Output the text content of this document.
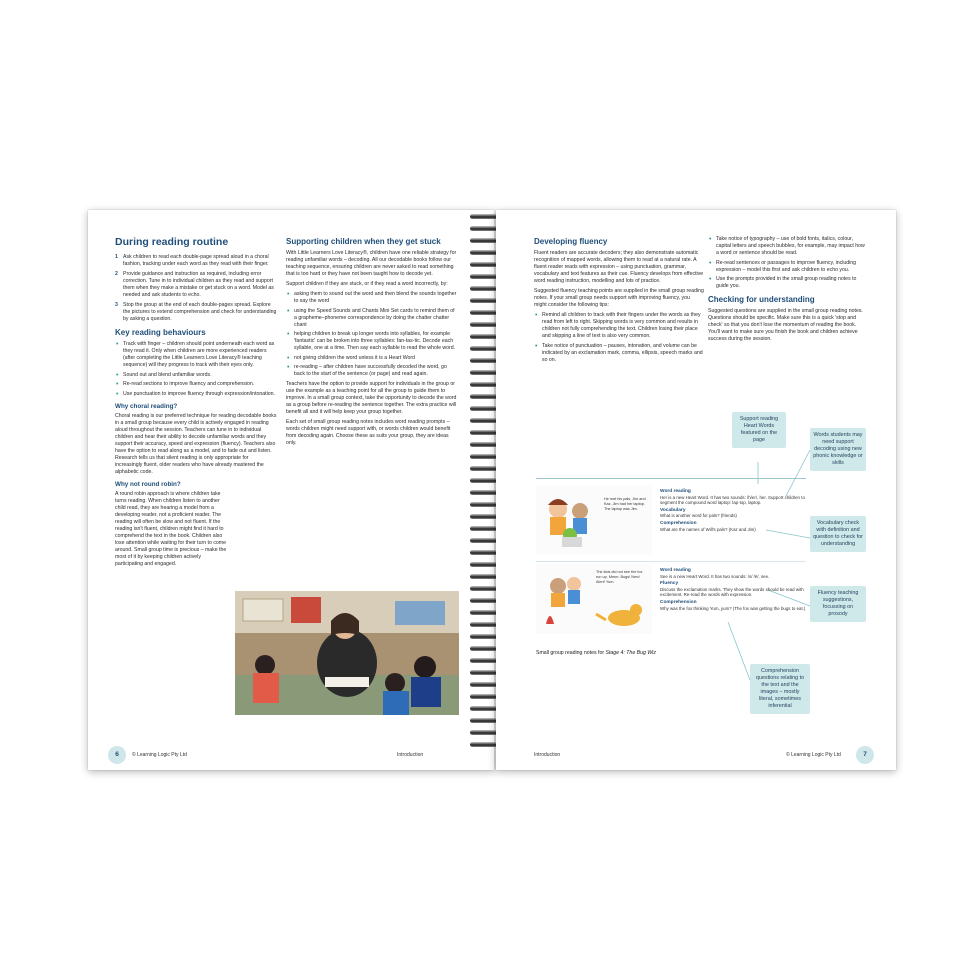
During reading routine
1 Ask children to read each double-page spread aloud in a choral fashion, tracking under each word as they read with their finger.
2 Provide guidance and instruction as required, including error correction. Tune in to individual children as they read and support them when they make a mistake or get stuck on a word. Model as needed and ask students to echo.
3 Stop the group at the end of each double-pages spread. Explore the pictures to extend comprehension and check for understanding by asking a question.
Key reading behaviours
• Track with finger – children should point underneath each word as they read it. Only when children are more experienced readers (after completing the Little Learners Love Literacy® teaching sequence) will they progress to track with their eyes only.
• Sound out and blend unfamiliar words.
• Re-read sections to improve fluency and comprehension.
• Use punctuation to improve fluency through expression/intonation.
Why choral reading?

Choral reading is our preferred technique for reading decodable books in a small group because every child is actively engaged in reading aloud throughout the session. Teachers can tune in to individual children and hear their ability to decode unfamiliar words and they support their accuracy, speed and expression (fluency). Teachers also have the option to read along as a model, and to fade out and listen. Research tells us that silent reading is only appropriate for increasingly fluent, older readers who have already mastered the alphabetic code.

Why not round robin?

A round robin approach is where children take turns reading. When children listen to another child read, they are hearing a model from a developing reader, not a proficient reader. The reading will often be slow and not fluent. If the reading isn't fluent, children might find it hard to comprehend the text in the book. Children also lose attention while waiting for their turn to come around. Small group time is precious – make the most of it by keeping children actively participating and engaged.

Supporting children when they get stuck

With Little Learners Love Literacy®, children have one reliable strategy for reading unfamiliar words – decoding. All our decodable books follow our teaching sequence, ensuring children are never asked to read something that is too hard or they have not been taught how to decode yet.

Support children if they are stuck, or if they read a word incorrectly, by:

• asking them to sound out the word and then blend the sounds together to say the word
• using the Speed Sounds and Chants Mini Set cards to remind them of a grapheme–phoneme correspondence by doing the chatter chatter chant
• helping children to break up longer words into syllables, for example 'fantastic' can be broken into three syllables: fan-tas-tic. Decode each syllable, one at a time. Then say each syllable to read the whole word.
• not giving children the word unless it is a Heart Word
• re-reading – after children have successfully decoded the word, go back to the start of the sentence (or page) and read again.

Teachers have the option to provide support for individuals in the group or use the example as a teaching point for all the group to guide them to improve. In a small group context, take the opportunity to decode the word as a group before re-reading the sentence together. The extra practice will benefit all and it will help keep your group together.

Each set of small group reading notes includes word reading prompts – words children might need support with, or words children would benefit from decoding again. Choose these as suits your group, they are ideas only.

6	© Learning Logic Pty Ltd	Introduction
Developing fluency

Fluent readers are accurate decoders; they also demonstrate automatic recognition of mapped words, allowing them to read at a natural rate. A fluent reader reads with expression – using punctuation, grammar, vocabulary and text features as their cue. Fluency develops from effective word reading instruction, modelling and lots of practice.

Suggested fluency teaching points are supplied in the small group reading notes. If your small group needs support with improving fluency, you might consider the following tips:

• Remind all children to track with their fingers under the words as they read from left to right. Skipping words is very common and results in children not fully comprehending the text. Children losing their place and skipping a line of text is also very common.
• Take notice of punctuation – pauses, intonation, and volume can be indicated by an exclamation mark, comma, ellipsis, speech marks and so on.
• Take notice of typography – use of bold fonts, italics, colour, capital letters and speech bubbles, for example, may impact how a word or sentence should be read.
• Re-read sentences or passages to improve fluency, including expression – model this first and ask children to echo you.
• Use the prompts provided in the small group reading notes to guide you.
Checking for understanding

Suggested questions are supplied in the small group reading notes. Questions should be specific. Make sure this is a quick 'stop and check' so that you don't lose the momentum of reading the book. You'll want to make sure you finish the book and children achieve success during the session.

Support reading Heart Words featured on the page
Words students may need support decoding using new phonic knowledge or skills
Vocabulary check with definition and question to check for understanding
Fluency teaching suggestions, focussing on prosody
Comprehension questions relating to the text and the images – mostly literal, sometimes inferential
He met his pals, Jim and Kaz. Jim had her laptop. The laptop was Jim.
Word reading
Her is a new Heart Word. It has two sounds: /h/er/, her. Support children to segment the compound word laptop: lap-top, laptop.
Vocabulary
What is another word for pals? (friends)
Comprehension
What are the names of Will's pals? (Kaz and Jim)
The kids did not see the fox run up. Mmm. Bugs! Nerd Alert! Yum.
Word reading
See is a new Heart Word. It has two sounds: /s/ /ē/, see.
Fluency
Discuss the exclamation marks. They show the words should be read with excitement. Re-read the words with expression.
Comprehension
Why was the fox thinking Yum, yum? (The fox was getting the bugs to eat.)
Small group reading notes for Stage 4: The Bug Wiz
Introduction	© Learning Logic Pty Ltd	7
